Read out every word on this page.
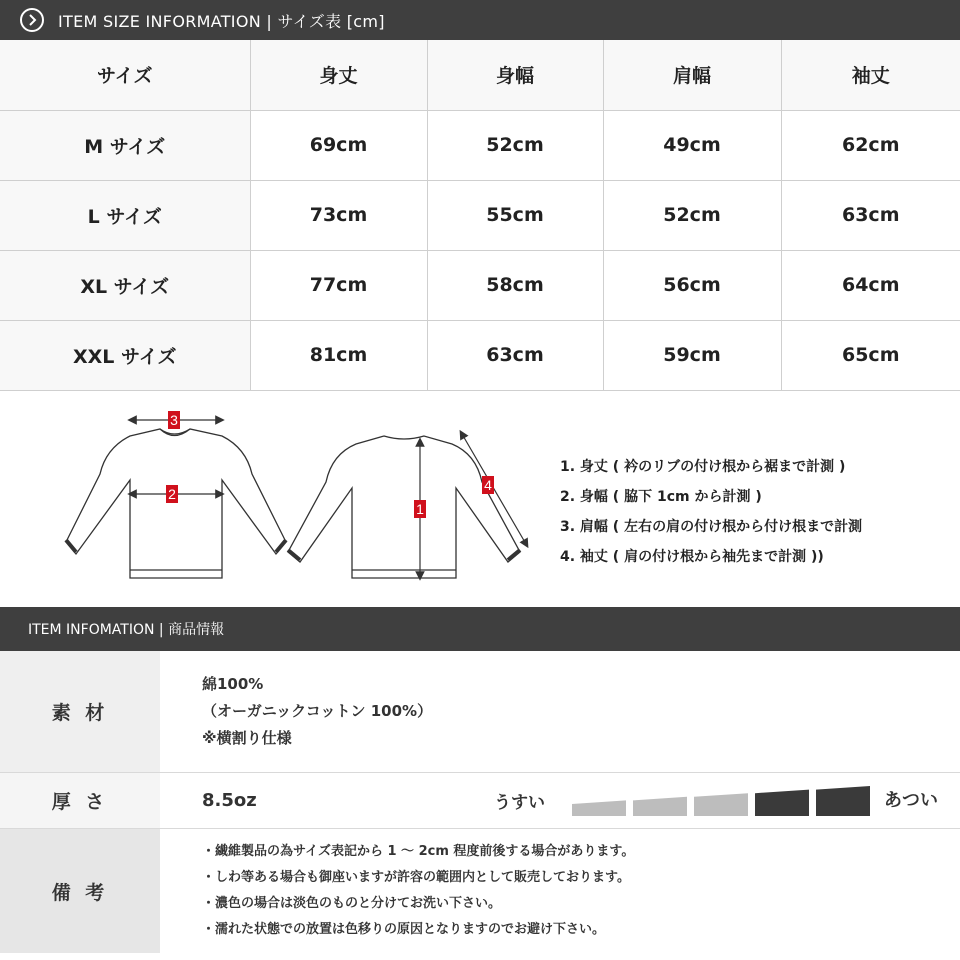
ITEM SIZE INFORMATION | サイズ表 [cm]
サイズ	身丈	身幅	肩幅	袖丈
M サイズ	69cm	52cm	49cm	62cm
L サイズ	73cm	55cm	52cm	63cm
XL サイズ	77cm	58cm	56cm	64cm
XXL サイズ	81cm	63cm	59cm	65cm
3
2
1
4
1. 身丈 ( 衿のリブの付け根から裾まで計測 )
2. 身幅 ( 脇下 1cm から計測 )
3. 肩幅 ( 左右の肩の付け根から付け根まで計測
4. 袖丈 ( 肩の付け根から袖先まで計測 ))
ITEM INFOMATION | 商品情報
素 材
綿100%
（オーガニックコットン 100%）
※横割り仕様
厚 さ	8.5oz	うすい	あつい
備 考
・繊維製品の為サイズ表記から 1 〜 2cm 程度前後する場合があります。
・しわ等ある場合も御座いますが許容の範囲内として販売しております。
・濃色の場合は淡色のものと分けてお洗い下さい。
・濡れた状態での放置は色移りの原因となりますのでお避け下さい。
